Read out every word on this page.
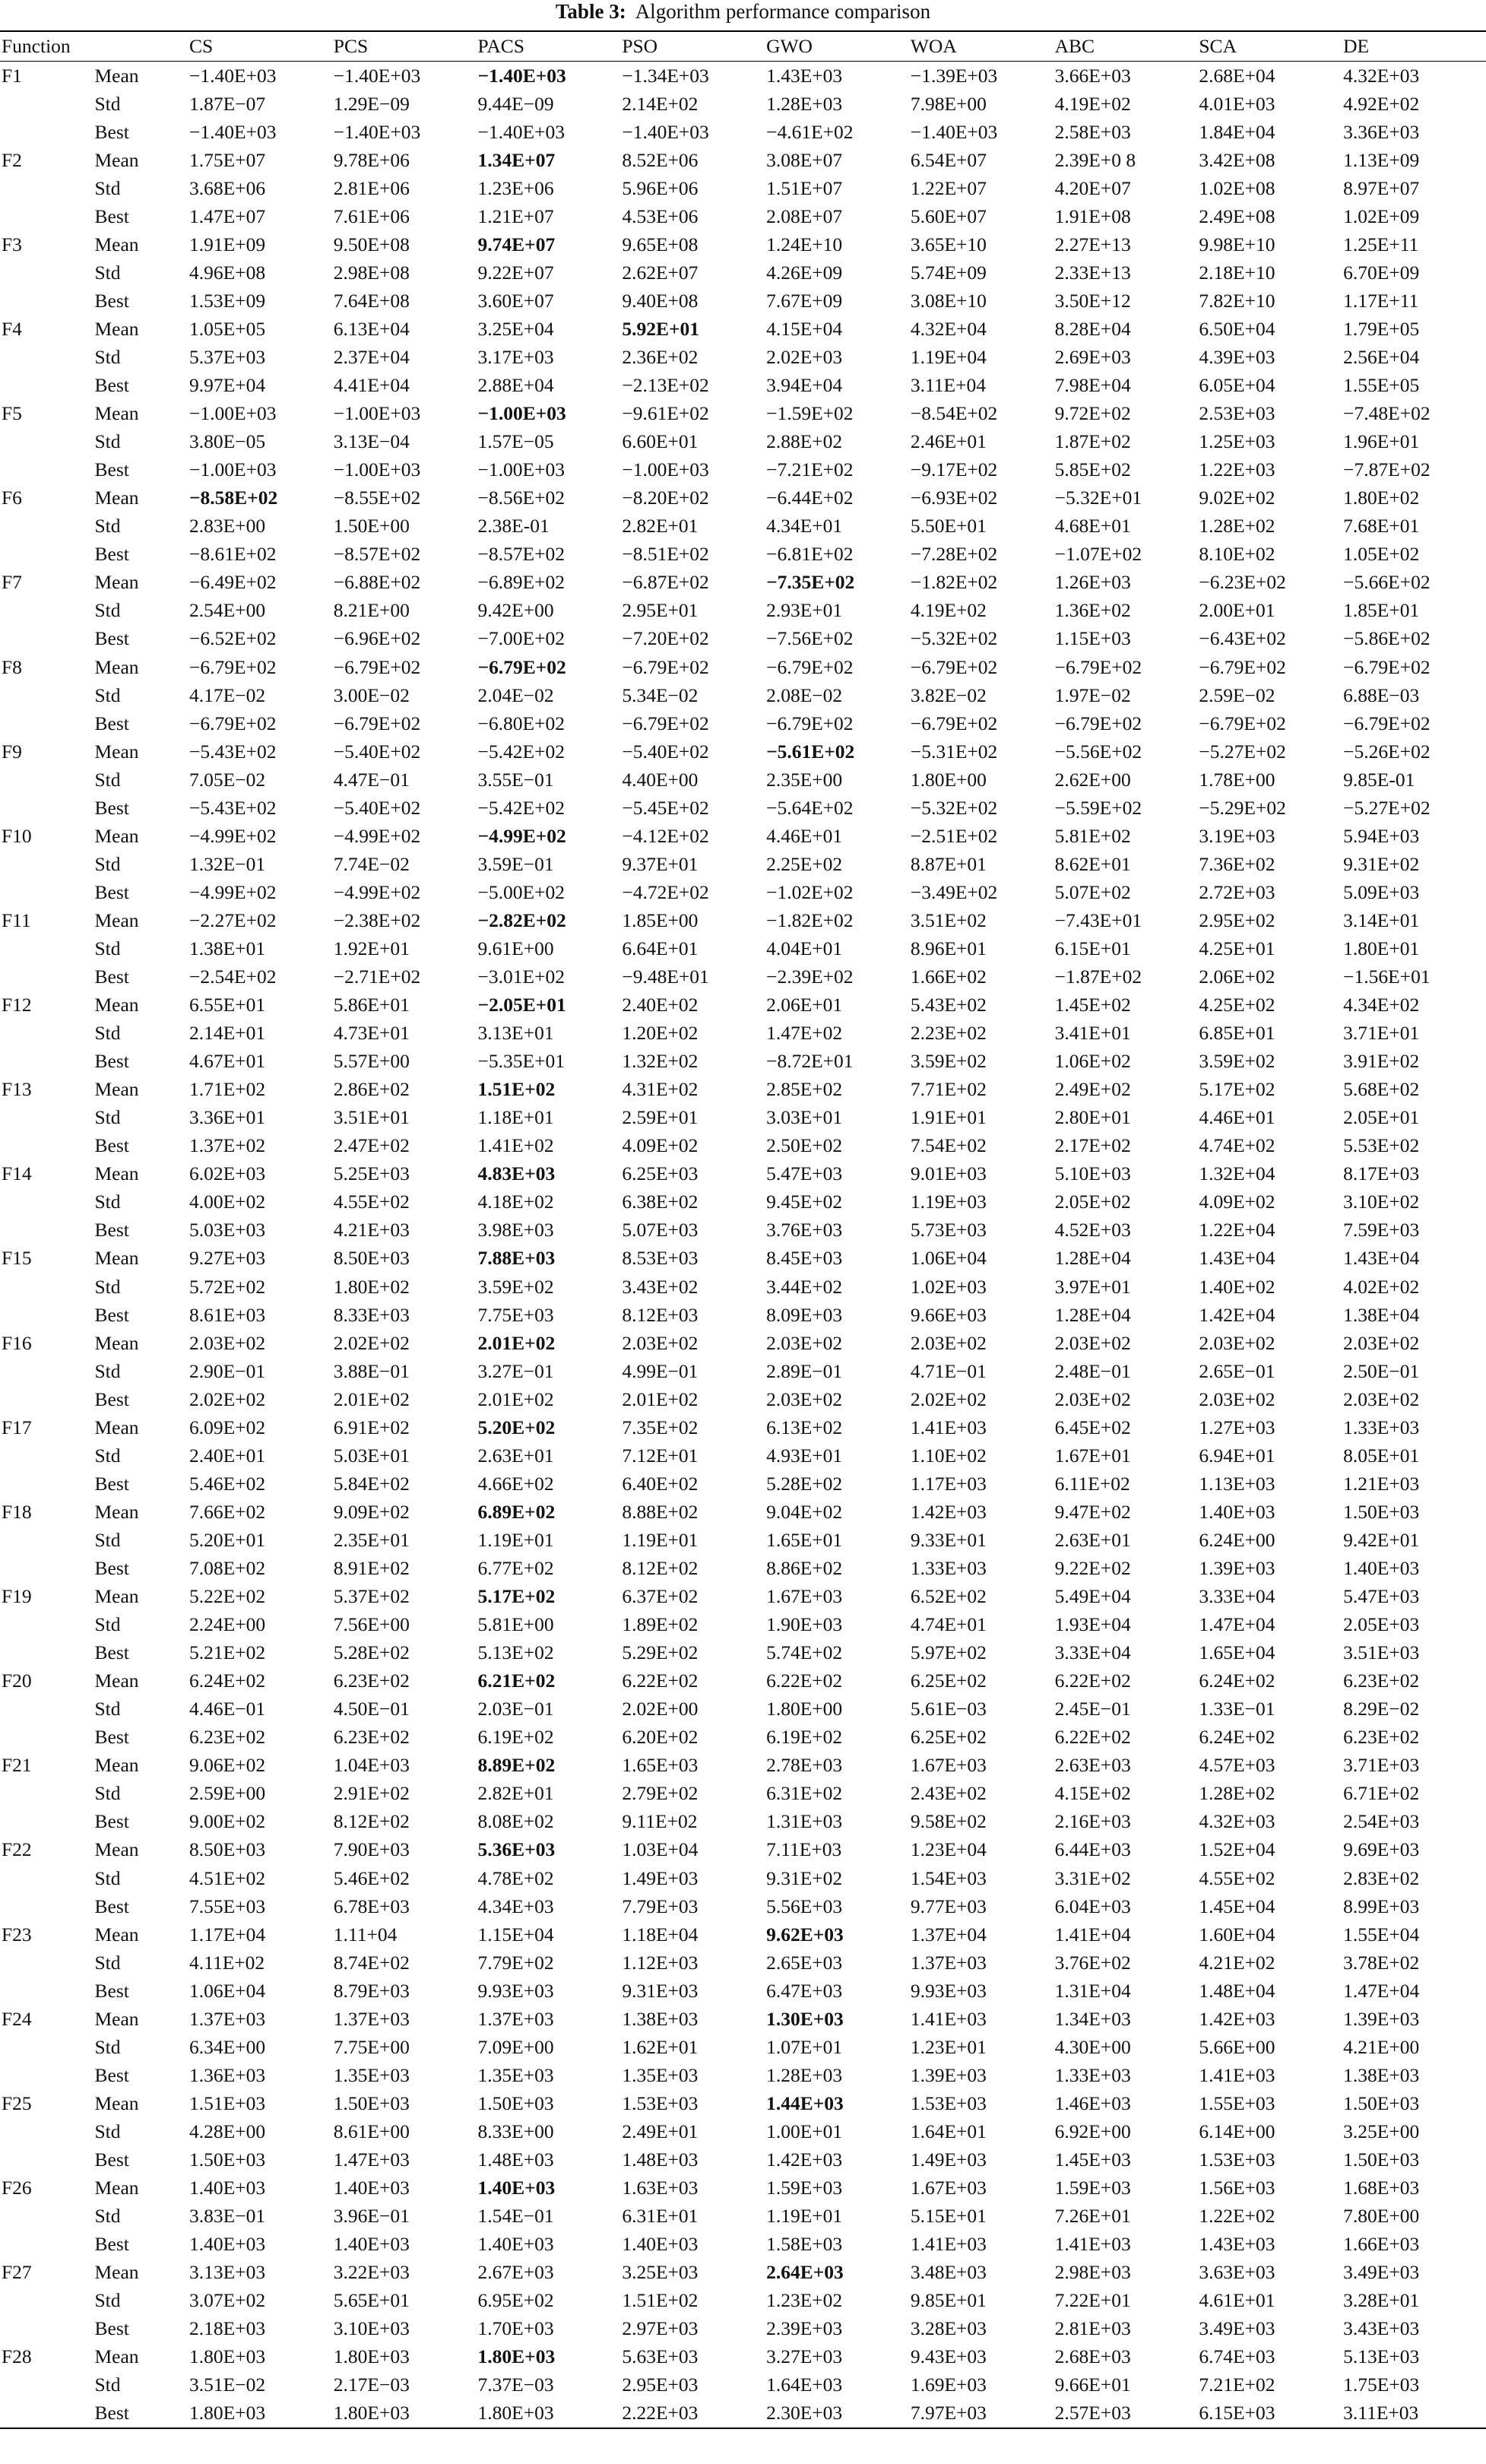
Table 3: Algorithm performance comparison
Function		CS	PCS	PACS	PSO	GWO	WOA	ABC	SCA	DE
F1	Mean	−1.40E+03	−1.40E+03	−1.40E+03	−1.34E+03	1.43E+03	−1.39E+03	3.66E+03	2.68E+04	4.32E+03
	Std	1.87E−07	1.29E−09	9.44E−09	2.14E+02	1.28E+03	7.98E+00	4.19E+02	4.01E+03	4.92E+02
	Best	−1.40E+03	−1.40E+03	−1.40E+03	−1.40E+03	−4.61E+02	−1.40E+03	2.58E+03	1.84E+04	3.36E+03
F2	Mean	1.75E+07	9.78E+06	1.34E+07	8.52E+06	3.08E+07	6.54E+07	2.39E+0 8	3.42E+08	1.13E+09
	Std	3.68E+06	2.81E+06	1.23E+06	5.96E+06	1.51E+07	1.22E+07	4.20E+07	1.02E+08	8.97E+07
	Best	1.47E+07	7.61E+06	1.21E+07	4.53E+06	2.08E+07	5.60E+07	1.91E+08	2.49E+08	1.02E+09
F3	Mean	1.91E+09	9.50E+08	9.74E+07	9.65E+08	1.24E+10	3.65E+10	2.27E+13	9.98E+10	1.25E+11
	Std	4.96E+08	2.98E+08	9.22E+07	2.62E+07	4.26E+09	5.74E+09	2.33E+13	2.18E+10	6.70E+09
	Best	1.53E+09	7.64E+08	3.60E+07	9.40E+08	7.67E+09	3.08E+10	3.50E+12	7.82E+10	1.17E+11
F4	Mean	1.05E+05	6.13E+04	3.25E+04	5.92E+01	4.15E+04	4.32E+04	8.28E+04	6.50E+04	1.79E+05
	Std	5.37E+03	2.37E+04	3.17E+03	2.36E+02	2.02E+03	1.19E+04	2.69E+03	4.39E+03	2.56E+04
	Best	9.97E+04	4.41E+04	2.88E+04	−2.13E+02	3.94E+04	3.11E+04	7.98E+04	6.05E+04	1.55E+05
F5	Mean	−1.00E+03	−1.00E+03	−1.00E+03	−9.61E+02	−1.59E+02	−8.54E+02	9.72E+02	2.53E+03	−7.48E+02
	Std	3.80E−05	3.13E−04	1.57E−05	6.60E+01	2.88E+02	2.46E+01	1.87E+02	1.25E+03	1.96E+01
	Best	−1.00E+03	−1.00E+03	−1.00E+03	−1.00E+03	−7.21E+02	−9.17E+02	5.85E+02	1.22E+03	−7.87E+02
F6	Mean	−8.58E+02	−8.55E+02	−8.56E+02	−8.20E+02	−6.44E+02	−6.93E+02	−5.32E+01	9.02E+02	1.80E+02
	Std	2.83E+00	1.50E+00	2.38E-01	2.82E+01	4.34E+01	5.50E+01	4.68E+01	1.28E+02	7.68E+01
	Best	−8.61E+02	−8.57E+02	−8.57E+02	−8.51E+02	−6.81E+02	−7.28E+02	−1.07E+02	8.10E+02	1.05E+02
F7	Mean	−6.49E+02	−6.88E+02	−6.89E+02	−6.87E+02	−7.35E+02	−1.82E+02	1.26E+03	−6.23E+02	−5.66E+02
	Std	2.54E+00	8.21E+00	9.42E+00	2.95E+01	2.93E+01	4.19E+02	1.36E+02	2.00E+01	1.85E+01
	Best	−6.52E+02	−6.96E+02	−7.00E+02	−7.20E+02	−7.56E+02	−5.32E+02	1.15E+03	−6.43E+02	−5.86E+02
F8	Mean	−6.79E+02	−6.79E+02	−6.79E+02	−6.79E+02	−6.79E+02	−6.79E+02	−6.79E+02	−6.79E+02	−6.79E+02
	Std	4.17E−02	3.00E−02	2.04E−02	5.34E−02	2.08E−02	3.82E−02	1.97E−02	2.59E−02	6.88E−03
	Best	−6.79E+02	−6.79E+02	−6.80E+02	−6.79E+02	−6.79E+02	−6.79E+02	−6.79E+02	−6.79E+02	−6.79E+02
F9	Mean	−5.43E+02	−5.40E+02	−5.42E+02	−5.40E+02	−5.61E+02	−5.31E+02	−5.56E+02	−5.27E+02	−5.26E+02
	Std	7.05E−02	4.47E−01	3.55E−01	4.40E+00	2.35E+00	1.80E+00	2.62E+00	1.78E+00	9.85E-01
	Best	−5.43E+02	−5.40E+02	−5.42E+02	−5.45E+02	−5.64E+02	−5.32E+02	−5.59E+02	−5.29E+02	−5.27E+02
F10	Mean	−4.99E+02	−4.99E+02	−4.99E+02	−4.12E+02	4.46E+01	−2.51E+02	5.81E+02	3.19E+03	5.94E+03
	Std	1.32E−01	7.74E−02	3.59E−01	9.37E+01	2.25E+02	8.87E+01	8.62E+01	7.36E+02	9.31E+02
	Best	−4.99E+02	−4.99E+02	−5.00E+02	−4.72E+02	−1.02E+02	−3.49E+02	5.07E+02	2.72E+03	5.09E+03
F11	Mean	−2.27E+02	−2.38E+02	−2.82E+02	1.85E+00	−1.82E+02	3.51E+02	−7.43E+01	2.95E+02	3.14E+01
	Std	1.38E+01	1.92E+01	9.61E+00	6.64E+01	4.04E+01	8.96E+01	6.15E+01	4.25E+01	1.80E+01
	Best	−2.54E+02	−2.71E+02	−3.01E+02	−9.48E+01	−2.39E+02	1.66E+02	−1.87E+02	2.06E+02	−1.56E+01
F12	Mean	6.55E+01	5.86E+01	−2.05E+01	2.40E+02	2.06E+01	5.43E+02	1.45E+02	4.25E+02	4.34E+02
	Std	2.14E+01	4.73E+01	3.13E+01	1.20E+02	1.47E+02	2.23E+02	3.41E+01	6.85E+01	3.71E+01
	Best	4.67E+01	5.57E+00	−5.35E+01	1.32E+02	−8.72E+01	3.59E+02	1.06E+02	3.59E+02	3.91E+02
F13	Mean	1.71E+02	2.86E+02	1.51E+02	4.31E+02	2.85E+02	7.71E+02	2.49E+02	5.17E+02	5.68E+02
	Std	3.36E+01	3.51E+01	1.18E+01	2.59E+01	3.03E+01	1.91E+01	2.80E+01	4.46E+01	2.05E+01
	Best	1.37E+02	2.47E+02	1.41E+02	4.09E+02	2.50E+02	7.54E+02	2.17E+02	4.74E+02	5.53E+02
F14	Mean	6.02E+03	5.25E+03	4.83E+03	6.25E+03	5.47E+03	9.01E+03	5.10E+03	1.32E+04	8.17E+03
	Std	4.00E+02	4.55E+02	4.18E+02	6.38E+02	9.45E+02	1.19E+03	2.05E+02	4.09E+02	3.10E+02
	Best	5.03E+03	4.21E+03	3.98E+03	5.07E+03	3.76E+03	5.73E+03	4.52E+03	1.22E+04	7.59E+03
F15	Mean	9.27E+03	8.50E+03	7.88E+03	8.53E+03	8.45E+03	1.06E+04	1.28E+04	1.43E+04	1.43E+04
	Std	5.72E+02	1.80E+02	3.59E+02	3.43E+02	3.44E+02	1.02E+03	3.97E+01	1.40E+02	4.02E+02
	Best	8.61E+03	8.33E+03	7.75E+03	8.12E+03	8.09E+03	9.66E+03	1.28E+04	1.42E+04	1.38E+04
F16	Mean	2.03E+02	2.02E+02	2.01E+02	2.03E+02	2.03E+02	2.03E+02	2.03E+02	2.03E+02	2.03E+02
	Std	2.90E−01	3.88E−01	3.27E−01	4.99E−01	2.89E−01	4.71E−01	2.48E−01	2.65E−01	2.50E−01
	Best	2.02E+02	2.01E+02	2.01E+02	2.01E+02	2.03E+02	2.02E+02	2.03E+02	2.03E+02	2.03E+02
F17	Mean	6.09E+02	6.91E+02	5.20E+02	7.35E+02	6.13E+02	1.41E+03	6.45E+02	1.27E+03	1.33E+03
	Std	2.40E+01	5.03E+01	2.63E+01	7.12E+01	4.93E+01	1.10E+02	1.67E+01	6.94E+01	8.05E+01
	Best	5.46E+02	5.84E+02	4.66E+02	6.40E+02	5.28E+02	1.17E+03	6.11E+02	1.13E+03	1.21E+03
F18	Mean	7.66E+02	9.09E+02	6.89E+02	8.88E+02	9.04E+02	1.42E+03	9.47E+02	1.40E+03	1.50E+03
	Std	5.20E+01	2.35E+01	1.19E+01	1.19E+01	1.65E+01	9.33E+01	2.63E+01	6.24E+00	9.42E+01
	Best	7.08E+02	8.91E+02	6.77E+02	8.12E+02	8.86E+02	1.33E+03	9.22E+02	1.39E+03	1.40E+03
F19	Mean	5.22E+02	5.37E+02	5.17E+02	6.37E+02	1.67E+03	6.52E+02	5.49E+04	3.33E+04	5.47E+03
	Std	2.24E+00	7.56E+00	5.81E+00	1.89E+02	1.90E+03	4.74E+01	1.93E+04	1.47E+04	2.05E+03
	Best	5.21E+02	5.28E+02	5.13E+02	5.29E+02	5.74E+02	5.97E+02	3.33E+04	1.65E+04	3.51E+03
F20	Mean	6.24E+02	6.23E+02	6.21E+02	6.22E+02	6.22E+02	6.25E+02	6.22E+02	6.24E+02	6.23E+02
	Std	4.46E−01	4.50E−01	2.03E−01	2.02E+00	1.80E+00	5.61E−03	2.45E−01	1.33E−01	8.29E−02
	Best	6.23E+02	6.23E+02	6.19E+02	6.20E+02	6.19E+02	6.25E+02	6.22E+02	6.24E+02	6.23E+02
F21	Mean	9.06E+02	1.04E+03	8.89E+02	1.65E+03	2.78E+03	1.67E+03	2.63E+03	4.57E+03	3.71E+03
	Std	2.59E+00	2.91E+02	2.82E+01	2.79E+02	6.31E+02	2.43E+02	4.15E+02	1.28E+02	6.71E+02
	Best	9.00E+02	8.12E+02	8.08E+02	9.11E+02	1.31E+03	9.58E+02	2.16E+03	4.32E+03	2.54E+03
F22	Mean	8.50E+03	7.90E+03	5.36E+03	1.03E+04	7.11E+03	1.23E+04	6.44E+03	1.52E+04	9.69E+03
	Std	4.51E+02	5.46E+02	4.78E+02	1.49E+03	9.31E+02	1.54E+03	3.31E+02	4.55E+02	2.83E+02
	Best	7.55E+03	6.78E+03	4.34E+03	7.79E+03	5.56E+03	9.77E+03	6.04E+03	1.45E+04	8.99E+03
F23	Mean	1.17E+04	1.11+04	1.15E+04	1.18E+04	9.62E+03	1.37E+04	1.41E+04	1.60E+04	1.55E+04
	Std	4.11E+02	8.74E+02	7.79E+02	1.12E+03	2.65E+03	1.37E+03	3.76E+02	4.21E+02	3.78E+02
	Best	1.06E+04	8.79E+03	9.93E+03	9.31E+03	6.47E+03	9.93E+03	1.31E+04	1.48E+04	1.47E+04
F24	Mean	1.37E+03	1.37E+03	1.37E+03	1.38E+03	1.30E+03	1.41E+03	1.34E+03	1.42E+03	1.39E+03
	Std	6.34E+00	7.75E+00	7.09E+00	1.62E+01	1.07E+01	1.23E+01	4.30E+00	5.66E+00	4.21E+00
	Best	1.36E+03	1.35E+03	1.35E+03	1.35E+03	1.28E+03	1.39E+03	1.33E+03	1.41E+03	1.38E+03
F25	Mean	1.51E+03	1.50E+03	1.50E+03	1.53E+03	1.44E+03	1.53E+03	1.46E+03	1.55E+03	1.50E+03
	Std	4.28E+00	8.61E+00	8.33E+00	2.49E+01	1.00E+01	1.64E+01	6.92E+00	6.14E+00	3.25E+00
	Best	1.50E+03	1.47E+03	1.48E+03	1.48E+03	1.42E+03	1.49E+03	1.45E+03	1.53E+03	1.50E+03
F26	Mean	1.40E+03	1.40E+03	1.40E+03	1.63E+03	1.59E+03	1.67E+03	1.59E+03	1.56E+03	1.68E+03
	Std	3.83E−01	3.96E−01	1.54E−01	6.31E+01	1.19E+01	5.15E+01	7.26E+01	1.22E+02	7.80E+00
	Best	1.40E+03	1.40E+03	1.40E+03	1.40E+03	1.58E+03	1.41E+03	1.41E+03	1.43E+03	1.66E+03
F27	Mean	3.13E+03	3.22E+03	2.67E+03	3.25E+03	2.64E+03	3.48E+03	2.98E+03	3.63E+03	3.49E+03
	Std	3.07E+02	5.65E+01	6.95E+02	1.51E+02	1.23E+02	9.85E+01	7.22E+01	4.61E+01	3.28E+01
	Best	2.18E+03	3.10E+03	1.70E+03	2.97E+03	2.39E+03	3.28E+03	2.81E+03	3.49E+03	3.43E+03
F28	Mean	1.80E+03	1.80E+03	1.80E+03	5.63E+03	3.27E+03	9.43E+03	2.68E+03	6.74E+03	5.13E+03
	Std	3.51E−02	2.17E−03	7.37E−03	2.95E+03	1.64E+03	1.69E+03	9.66E+01	7.21E+02	1.75E+03
	Best	1.80E+03	1.80E+03	1.80E+03	2.22E+03	2.30E+03	7.97E+03	2.57E+03	6.15E+03	3.11E+03
